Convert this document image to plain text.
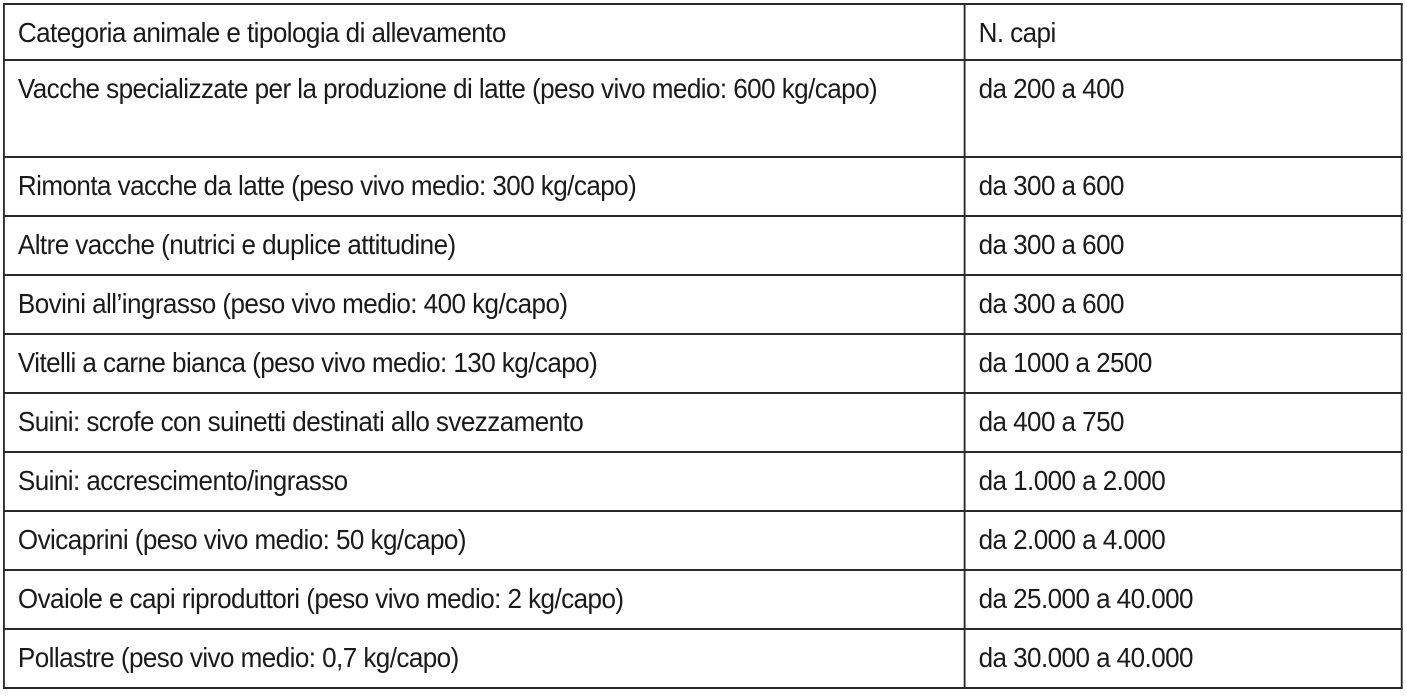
Categoria animale e tipologia di allevamento	N. capi
Vacche specializzate per la produzione di latte (peso vivo medio: 600 kg/capo)	da 200 a 400
Rimonta vacche da latte (peso vivo medio: 300 kg/capo)	da 300 a 600
Altre vacche (nutrici e duplice attitudine)	da 300 a 600
Bovini all’ingrasso (peso vivo medio: 400 kg/capo)	da 300 a 600
Vitelli a carne bianca (peso vivo medio: 130 kg/capo)	da 1000 a 2500
Suini: scrofe con suinetti destinati allo svezzamento	da 400 a 750
Suini: accrescimento/ingrasso	da 1.000 a 2.000
Ovicaprini (peso vivo medio: 50 kg/capo)	da 2.000 a 4.000
Ovaiole e capi riproduttori (peso vivo medio: 2 kg/capo)	da 25.000 a 40.000
Pollastre (peso vivo medio: 0,7 kg/capo)	da 30.000 a 40.000
